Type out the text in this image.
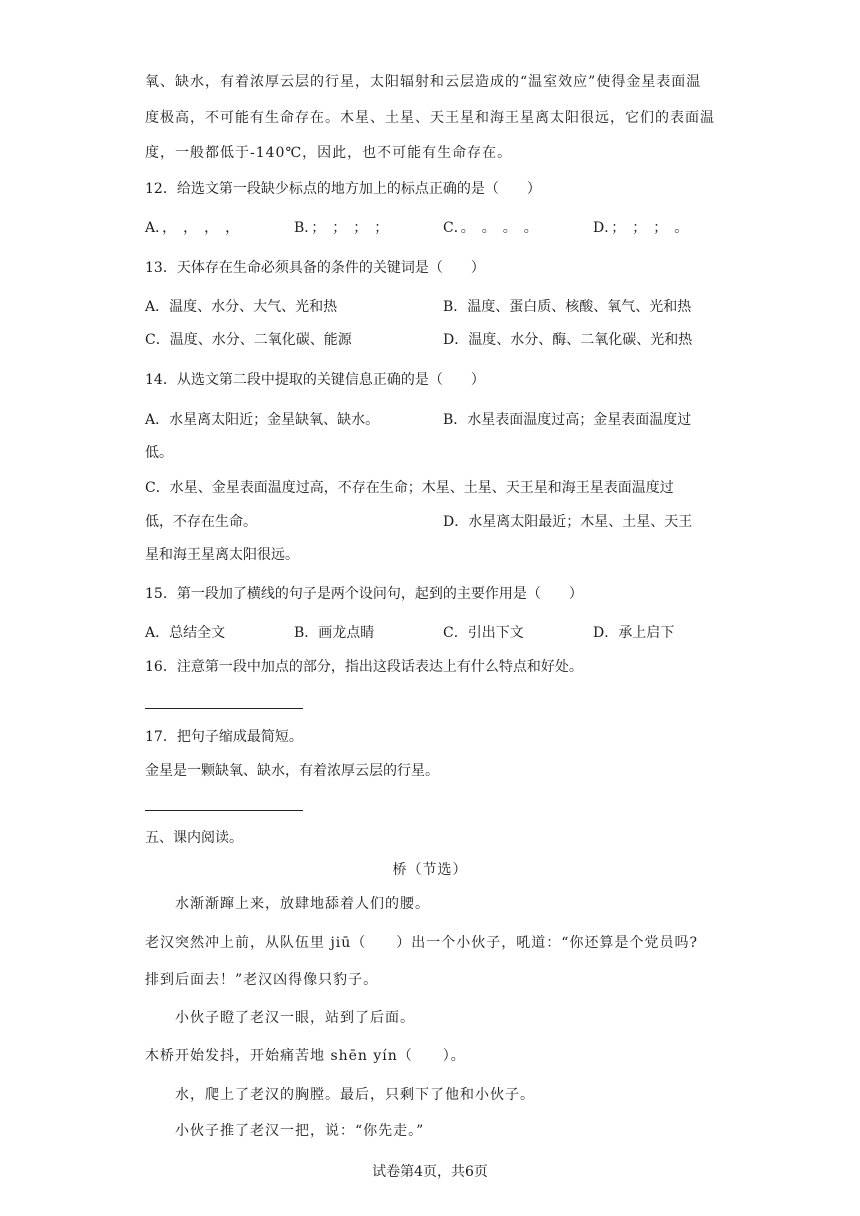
氧、缺水，有着浓厚云层的行星，太阳辐射和云层造成的“温室效应”使得金星表面温
度极高，不可能有生命存在。木星、土星、天王星和海王星离太阳很远，它们的表面温
度，一般都低于-140℃，因此，也不可能有生命存在。
12．给选文第一段缺少标点的地方加上的标点正确的是（　　）
A．，　，　，　，	B．；　；　；　；	C．。　。　。　。	D．；　；　；　。
13．天体存在生命必须具备的条件的关键词是（　　）
A．温度、水分、大气、光和热	B．温度、蛋白质、核酸、氧气、光和热
C．温度、水分、二氧化碳、能源	D．温度、水分、酶、二氧化碳、光和热
14．从选文第二段中提取的关键信息正确的是（　　）
A．水星离太阳近；金星缺氧、缺水。	B．水星表面温度过高；金星表面温度过
低。
C．水星、金星表面温度过高，不存在生命；木星、土星、天王星和海王星表面温度过
低，不存在生命。	D．水星离太阳最近；木星、土星、天王
星和海王星离太阳很远。
15．第一段加了横线的句子是两个设问句，起到的主要作用是（　　）
A．总结全文	B．画龙点睛	C．引出下文	D．承上启下
16．注意第一段中加点的部分，指出这段话表达上有什么特点和好处。
17．把句子缩成最简短。
金星是一颗缺氧、缺水，有着浓厚云层的行星。
五、课内阅读。
桥（节选）
水渐渐蹿上来，放肆地舔着人们的腰。
老汉突然冲上前，从队伍里 jiū（　　）出一个小伙子，吼道：“你还算是个党员吗?
排到后面去！”老汉凶得像只豹子。
小伙子瞪了老汉一眼，站到了后面。
木桥开始发抖，开始痛苦地 shēn yín（　　）。
水，爬上了老汉的胸膛。最后，只剩下了他和小伙子。
小伙子推了老汉一把，说：“你先走。”
试卷第4页，共6页
